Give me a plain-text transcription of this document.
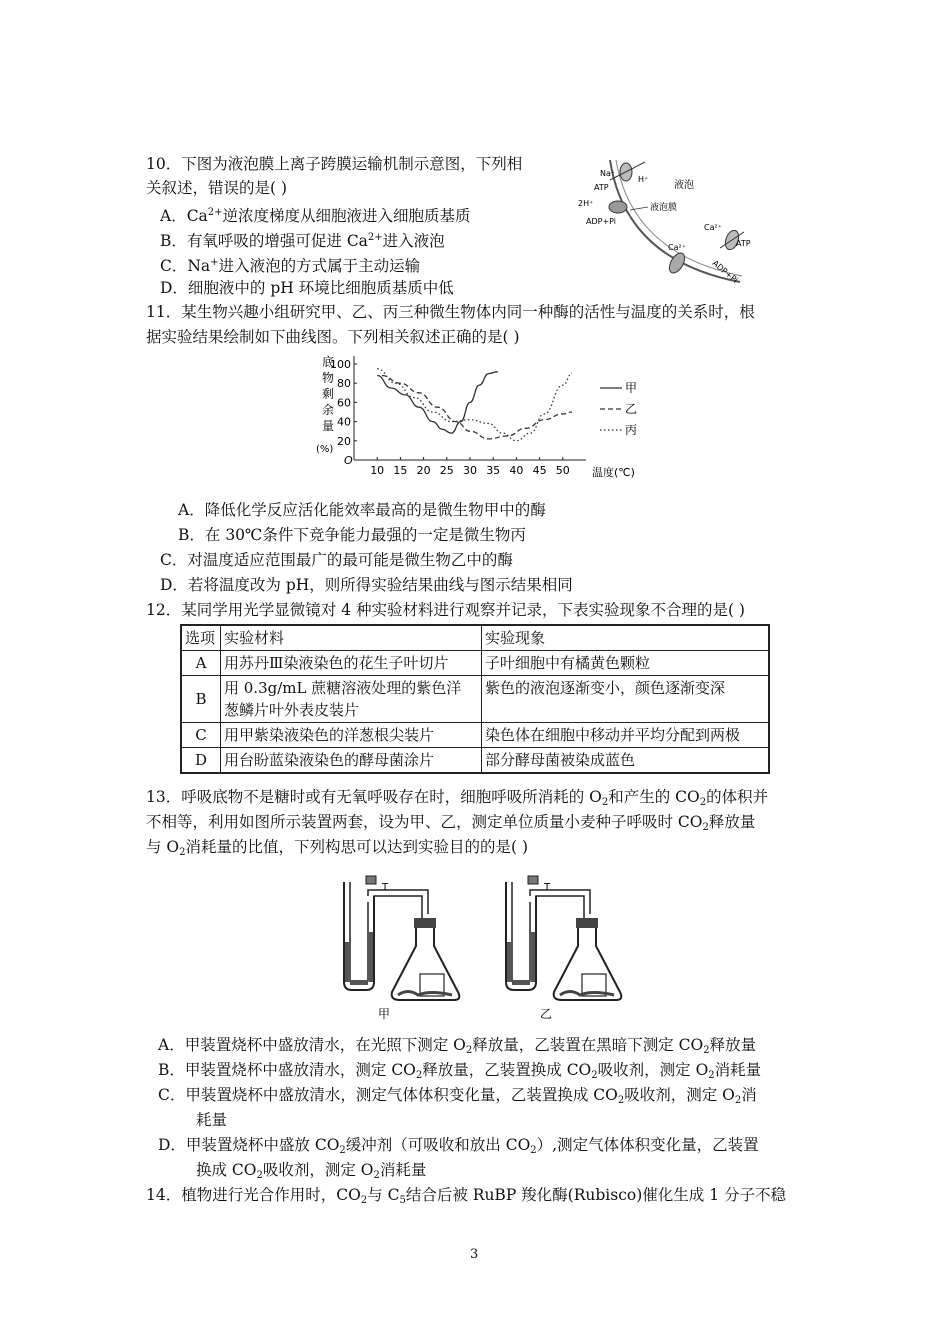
10．下图为液泡膜上离子跨膜运输机制示意图，下列相
关叙述，错误的是( )
A．$Ca^{2+}$逆浓度梯度从细胞液进入细胞质基质
B．有氧呼吸的增强可促进 $Ca^{2+}$进入液泡
C．Na+进入液泡的方式属于主动运输
D．细胞液中的 pH 环境比细胞质基质中低
Na⁺
H⁺
ATP
2H⁺
ADP+Pi
液泡
液泡膜
Ca²⁺
Ca²⁺
ATP
ADP+Pi
11．某生物兴趣小组研究甲、乙、丙三种微生物体内同一种酶的活性与温度的关系时，根
据实验结果绘制如下曲线图。下列相关叙述正确的是( )
底
物
剩
余
量
(%)
O
20
40
60
80
100
10 15 20 25 30 35 40 45 50 温度(℃)
甲
乙
丙
A．降低化学反应活化能效率最高的是微生物甲中的酶
B．在 30℃条件下竞争能力最强的一定是微生物丙
C．对温度适应范围最广的最可能是微生物乙中的酶
D．若将温度改为 pH，则所得实验结果曲线与图示结果相同
12．某同学用光学显微镜对 4 种实验材料进行观察并记录，下表实验现象不合理的是( )
选项	实验材料	实验现象
A	用苏丹Ⅲ染液染色的花生子叶切片	子叶细胞中有橘黄色颗粒
B	用 0.3g/mL 蔗糖溶液处理的紫色洋
葱鳞片叶外表皮装片	紫色的液泡逐渐变小，颜色逐渐变深
C	用甲紫染液染色的洋葱根尖装片	染色体在细胞中移动并平均分配到两极
D	用台盼蓝染液染色的酵母菌涂片	部分酵母菌被染成蓝色
13．呼吸底物不是糖时或有无氧呼吸存在时，细胞呼吸所消耗的 $O_2$和产生的 $CO_2$的体积并
不相等，利用如图所示装置两套，设为甲、乙，测定单位质量小麦种子呼吸时 $CO_2$释放量
与 $O_2$消耗量的比值，下列构思可以达到实验目的的是( )
T
甲
T
乙
A．甲装置烧杯中盛放清水，在光照下测定 $O_2$释放量，乙装置在黑暗下测定 $CO_2$释放量
B．甲装置烧杯中盛放清水，测定 $CO_2$释放量，乙装置换成 $CO_2$吸收剂，测定 $O_2$消耗量
C．甲装置烧杯中盛放清水，测定气体体积变化量，乙装置换成 $CO_2$吸收剂，测定 $O_2$消
耗量
D．甲装置烧杯中盛放 $CO_2$缓冲剂（可吸收和放出 $CO_2$）,测定气体体积变化量，乙装置
换成 $CO_2$吸收剂，测定 $O_2$消耗量
14．植物进行光合作用时，$CO_2$与 $C_5$结合后被 RuBP 羧化酶(Rubisco)催化生成 1 分子不稳
3
